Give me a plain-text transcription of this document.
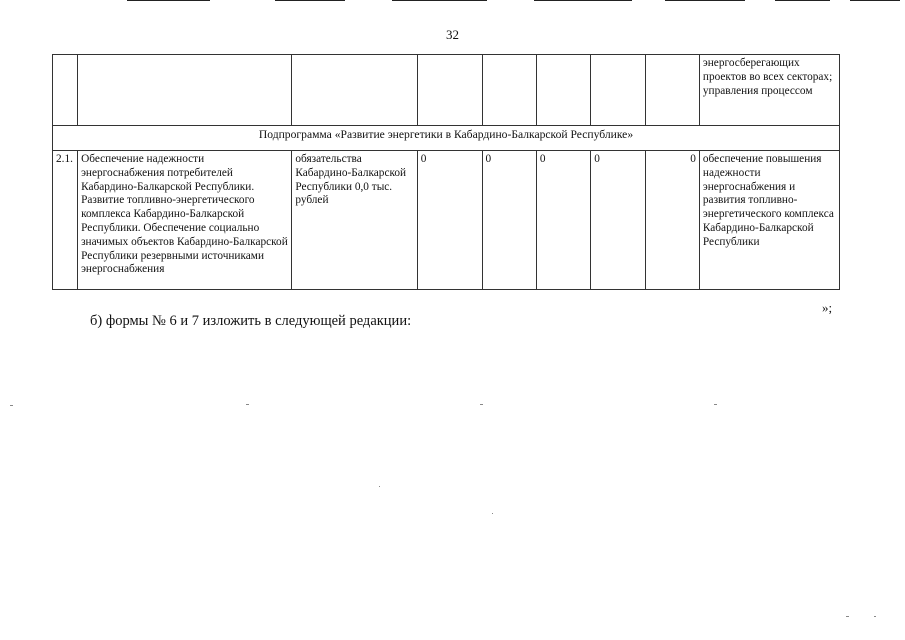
32
								энергосберегающих проектов во всех секторах; управления процессом
Подпрограмма «Развитие энергетики в Кабардино-Балкарской Республике»								
2.1.	Обеспечение надежности энергоснабжения потребителей Кабардино-Балкарской Республики. Развитие топливно-энергетического комплекса Кабардино-Балкарской Республики. Обеспечение социально значимых объектов Кабардино-Балкарской Республики резервными источниками энергоснабжения	обязательства Кабардино-Балкарской Республики 0,0 тыс. рублей	0	0	0	0	0	обеспечение повышения надежности энергоснабжения и развития топливно-энергетического комплекса Кабардино-Балкарской Республики
»;
б) формы № 6 и 7 изложить в следующей редакции:
